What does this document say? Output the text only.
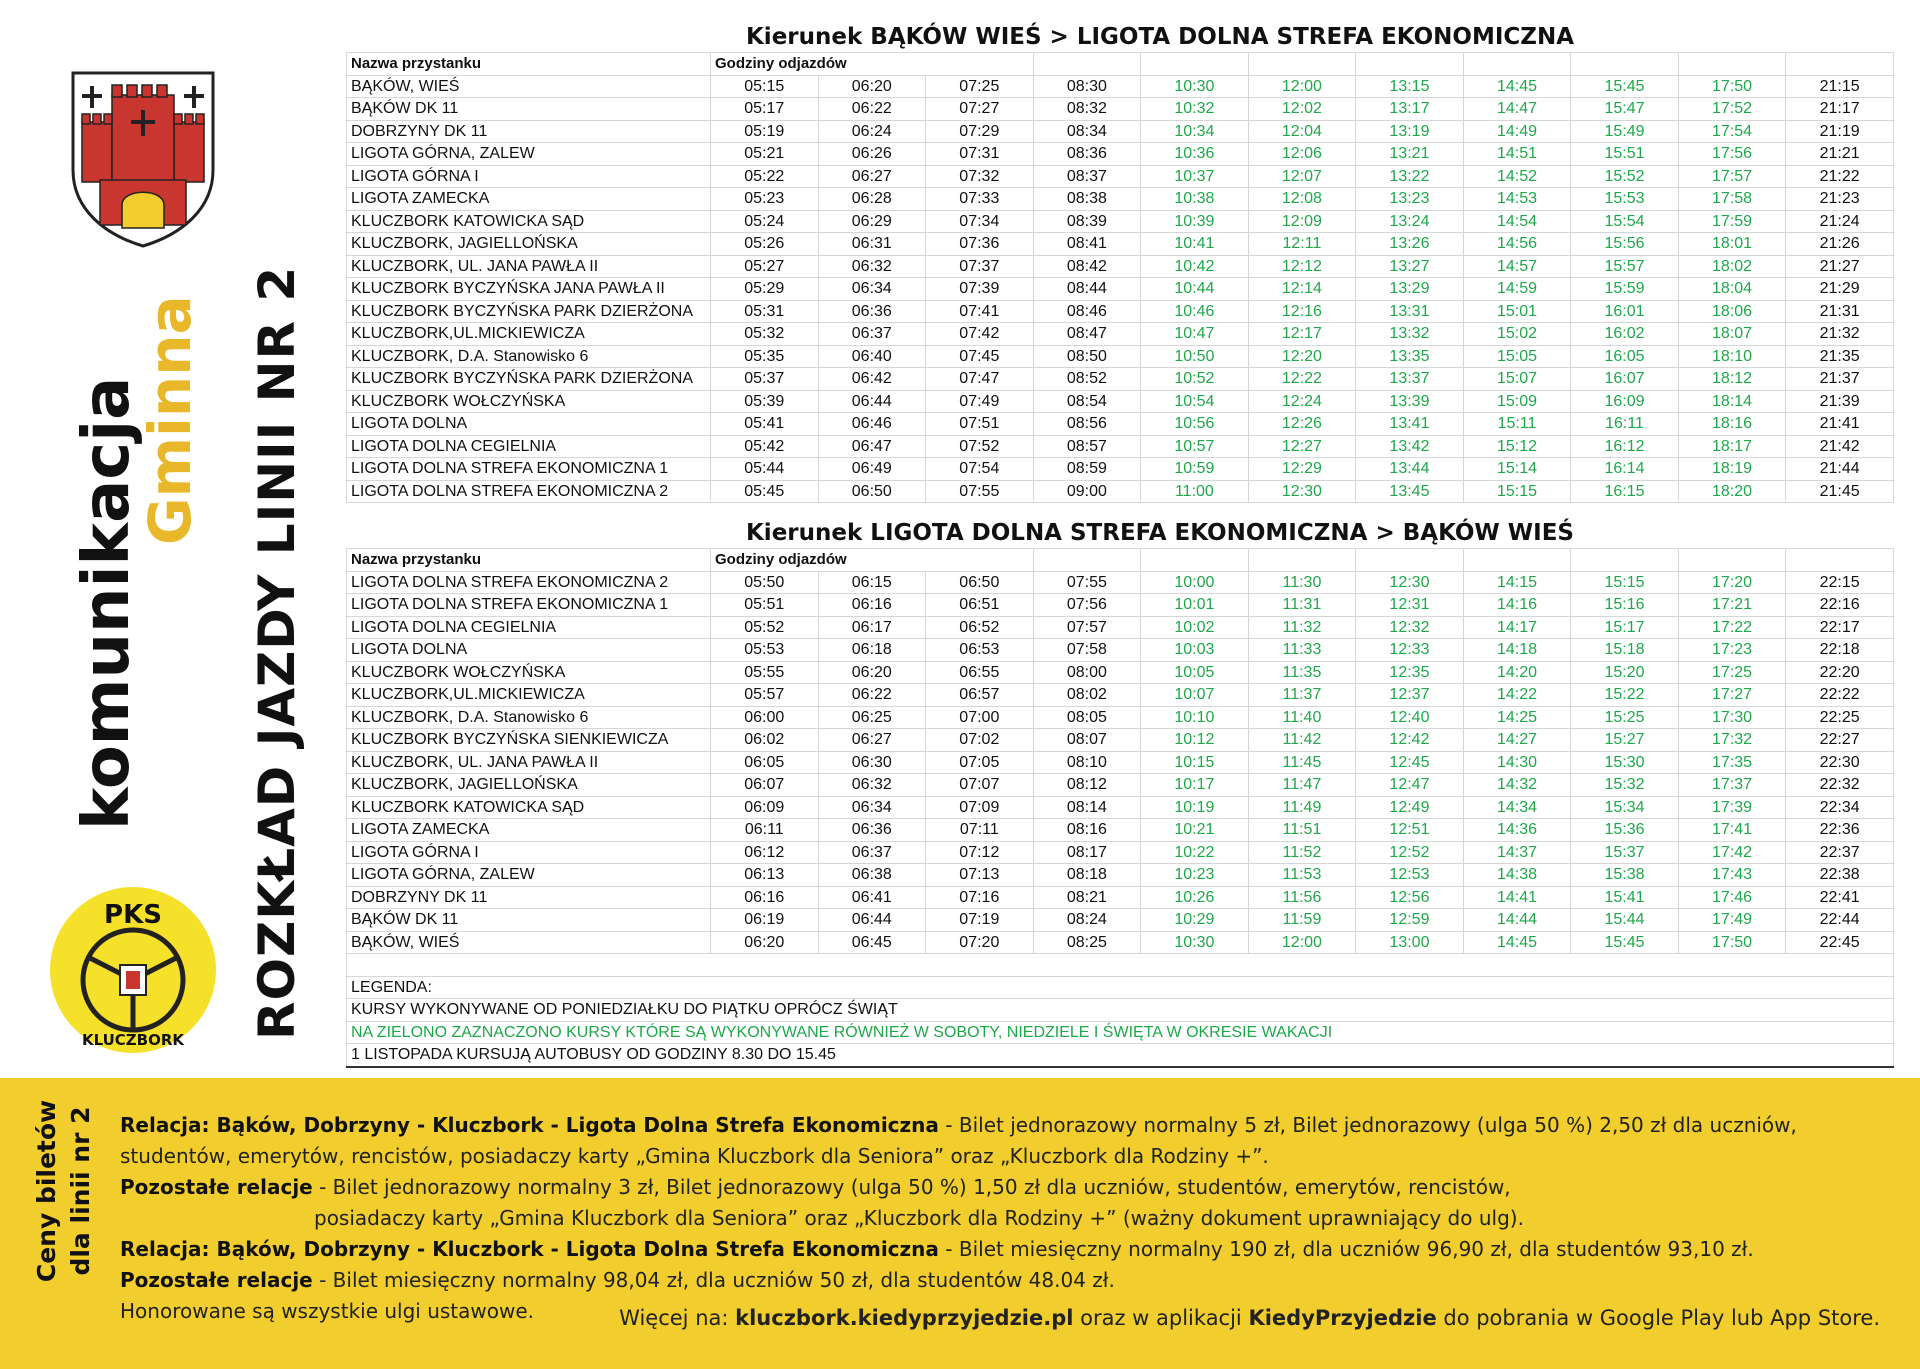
komunikacja
Gminna
PKS
KLUCZBORK ROZKŁAD JAZDY LINII NR 2
Kierunek BĄKÓW WIEŚ > LIGOTA DOLNA STREFA EKONOMICZNA
Nazwa przystanku	Godziny odjazdów										
BĄKÓW, WIEŚ	05:15	06:20	07:25	08:30	10:30	12:00	13:15	14:45	15:45	17:50	21:15
BĄKÓW DK 11	05:17	06:22	07:27	08:32	10:32	12:02	13:17	14:47	15:47	17:52	21:17
DOBRZYNY DK 11	05:19	06:24	07:29	08:34	10:34	12:04	13:19	14:49	15:49	17:54	21:19
LIGOTA GÓRNA, ZALEW	05:21	06:26	07:31	08:36	10:36	12:06	13:21	14:51	15:51	17:56	21:21
LIGOTA GÓRNA I	05:22	06:27	07:32	08:37	10:37	12:07	13:22	14:52	15:52	17:57	21:22
LIGOTA ZAMECKA	05:23	06:28	07:33	08:38	10:38	12:08	13:23	14:53	15:53	17:58	21:23
KLUCZBORK KATOWICKA SĄD	05:24	06:29	07:34	08:39	10:39	12:09	13:24	14:54	15:54	17:59	21:24
KLUCZBORK, JAGIELLOŃSKA	05:26	06:31	07:36	08:41	10:41	12:11	13:26	14:56	15:56	18:01	21:26
KLUCZBORK, UL. JANA PAWŁA II	05:27	06:32	07:37	08:42	10:42	12:12	13:27	14:57	15:57	18:02	21:27
KLUCZBORK BYCZYŃSKA JANA PAWŁA II	05:29	06:34	07:39	08:44	10:44	12:14	13:29	14:59	15:59	18:04	21:29
KLUCZBORK BYCZYŃSKA PARK DZIERŻONA	05:31	06:36	07:41	08:46	10:46	12:16	13:31	15:01	16:01	18:06	21:31
KLUCZBORK,UL.MICKIEWICZA	05:32	06:37	07:42	08:47	10:47	12:17	13:32	15:02	16:02	18:07	21:32
KLUCZBORK, D.A. Stanowisko 6	05:35	06:40	07:45	08:50	10:50	12:20	13:35	15:05	16:05	18:10	21:35
KLUCZBORK BYCZYŃSKA PARK DZIERŻONA	05:37	06:42	07:47	08:52	10:52	12:22	13:37	15:07	16:07	18:12	21:37
KLUCZBORK WOŁCZYŃSKA	05:39	06:44	07:49	08:54	10:54	12:24	13:39	15:09	16:09	18:14	21:39
LIGOTA DOLNA	05:41	06:46	07:51	08:56	10:56	12:26	13:41	15:11	16:11	18:16	21:41
LIGOTA DOLNA CEGIELNIA	05:42	06:47	07:52	08:57	10:57	12:27	13:42	15:12	16:12	18:17	21:42
LIGOTA DOLNA STREFA EKONOMICZNA 1	05:44	06:49	07:54	08:59	10:59	12:29	13:44	15:14	16:14	18:19	21:44
LIGOTA DOLNA STREFA EKONOMICZNA 2	05:45	06:50	07:55	09:00	11:00	12:30	13:45	15:15	16:15	18:20	21:45
Kierunek LIGOTA DOLNA STREFA EKONOMICZNA > BĄKÓW WIEŚ
Nazwa przystanku	Godziny odjazdów										
LIGOTA DOLNA STREFA EKONOMICZNA 2	05:50	06:15	06:50	07:55	10:00	11:30	12:30	14:15	15:15	17:20	22:15
LIGOTA DOLNA STREFA EKONOMICZNA 1	05:51	06:16	06:51	07:56	10:01	11:31	12:31	14:16	15:16	17:21	22:16
LIGOTA DOLNA CEGIELNIA	05:52	06:17	06:52	07:57	10:02	11:32	12:32	14:17	15:17	17:22	22:17
LIGOTA DOLNA	05:53	06:18	06:53	07:58	10:03	11:33	12:33	14:18	15:18	17:23	22:18
KLUCZBORK WOŁCZYŃSKA	05:55	06:20	06:55	08:00	10:05	11:35	12:35	14:20	15:20	17:25	22:20
KLUCZBORK,UL.MICKIEWICZA	05:57	06:22	06:57	08:02	10:07	11:37	12:37	14:22	15:22	17:27	22:22
KLUCZBORK, D.A. Stanowisko 6	06:00	06:25	07:00	08:05	10:10	11:40	12:40	14:25	15:25	17:30	22:25
KLUCZBORK BYCZYŃSKA SIENKIEWICZA	06:02	06:27	07:02	08:07	10:12	11:42	12:42	14:27	15:27	17:32	22:27
KLUCZBORK, UL. JANA PAWŁA II	06:05	06:30	07:05	08:10	10:15	11:45	12:45	14:30	15:30	17:35	22:30
KLUCZBORK, JAGIELLOŃSKA	06:07	06:32	07:07	08:12	10:17	11:47	12:47	14:32	15:32	17:37	22:32
KLUCZBORK KATOWICKA SĄD	06:09	06:34	07:09	08:14	10:19	11:49	12:49	14:34	15:34	17:39	22:34
LIGOTA ZAMECKA	06:11	06:36	07:11	08:16	10:21	11:51	12:51	14:36	15:36	17:41	22:36
LIGOTA GÓRNA I	06:12	06:37	07:12	08:17	10:22	11:52	12:52	14:37	15:37	17:42	22:37
LIGOTA GÓRNA, ZALEW	06:13	06:38	07:13	08:18	10:23	11:53	12:53	14:38	15:38	17:43	22:38
DOBRZYNY DK 11	06:16	06:41	07:16	08:21	10:26	11:56	12:56	14:41	15:41	17:46	22:41
BĄKÓW DK 11	06:19	06:44	07:19	08:24	10:29	11:59	12:59	14:44	15:44	17:49	22:44
BĄKÓW, WIEŚ	06:20	06:45	07:20	08:25	10:30	12:00	13:00	14:45	15:45	17:50	22:45

LEGENDA:											
KURSY WYKONYWANE OD PONIEDZIAŁKU DO PIĄTKU OPRÓCZ ŚWIĄT											
NA ZIELONO ZAZNACZONO KURSY KTÓRE SĄ WYKONYWANE RÓWNIEŻ W SOBOTY, NIEDZIELE I ŚWIĘTA W OKRESIE WAKACJI											
1 LISTOPADA KURSUJĄ AUTOBUSY OD GODZINY 8.30 DO 15.45											
Ceny biletów dla linii nr 2 Relacja: Bąków, Dobrzyny - Kluczbork - Ligota Dolna Strefa Ekonomiczna - Bilet jednorazowy normalny 5 zł, Bilet jednorazowy (ulga 50 %) 2,50 zł dla uczniów,

studentów, emerytów, rencistów, posiadaczy karty „Gmina Kluczbork dla Seniora” oraz „Kluczbork dla Rodziny +”.

Pozostałe relacje - Bilet jednorazowy normalny 3 zł, Bilet jednorazowy (ulga 50 %) 1,50 zł dla uczniów, studentów, emerytów, rencistów,

posiadaczy karty „Gmina Kluczbork dla Seniora” oraz „Kluczbork dla Rodziny +” (ważny dokument uprawniający do ulg).

Relacja: Bąków, Dobrzyny - Kluczbork - Ligota Dolna Strefa Ekonomiczna - Bilet miesięczny normalny 190 zł, dla uczniów 96,90 zł, dla studentów 93,10 zł.

Pozostałe relacje - Bilet miesięczny normalny 98,04 zł, dla uczniów 50 zł, dla studentów 48.04 zł.

Honorowane są wszystkie ulgi ustawowe.	Więcej na: kluczbork.kiedyprzyjedzie.pl oraz w aplikacji KiedyPrzyjedzie do pobrania w Google Play lub App Store.
